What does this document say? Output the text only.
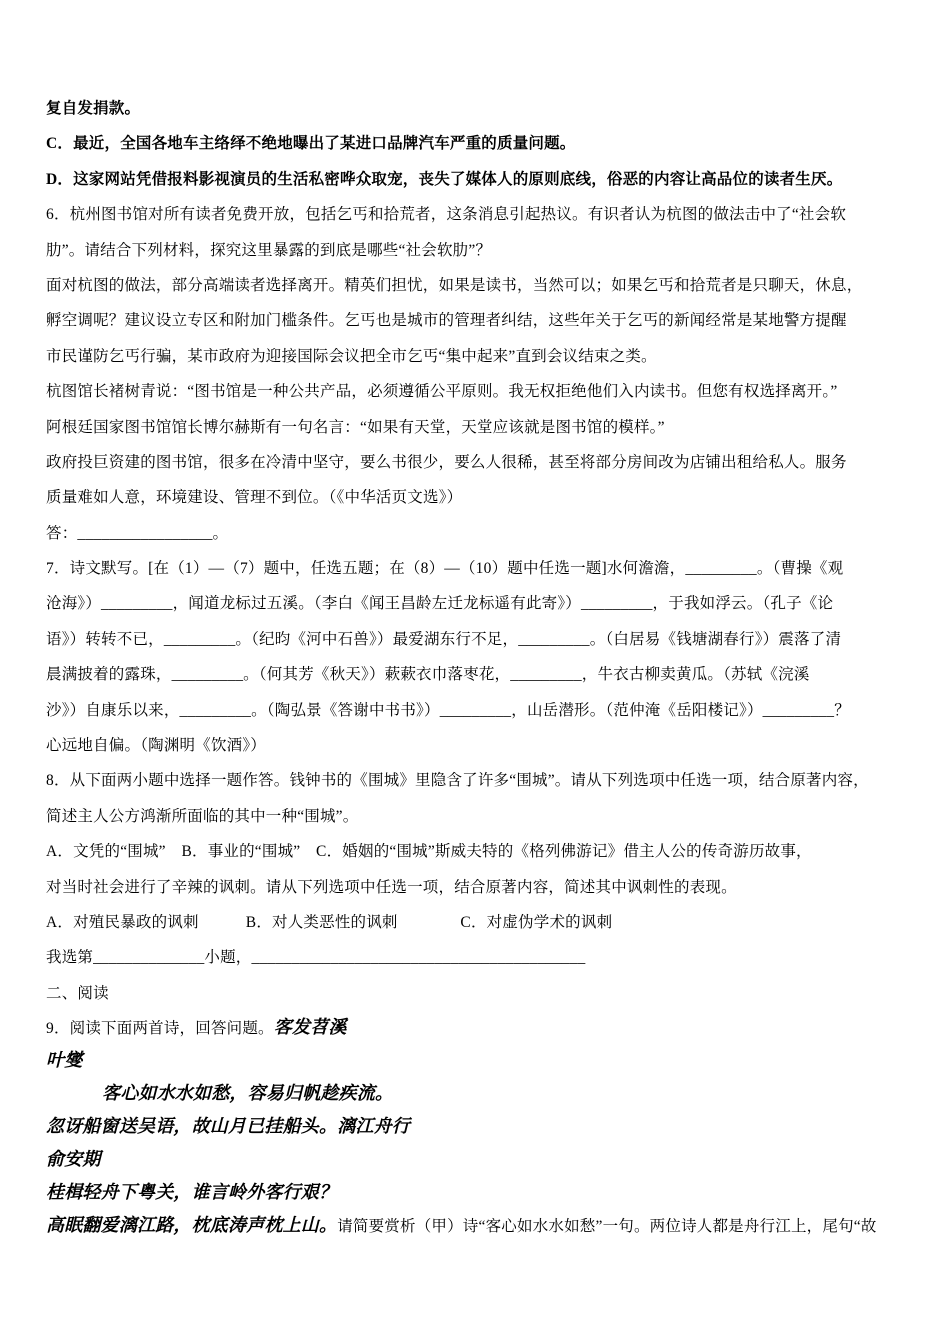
复自发捐款。
C．最近，全国各地车主络绎不绝地曝出了某进口品牌汽车严重的质量问题。
D．这家网站凭借报料影视演员的生活私密哗众取宠，丧失了媒体人的原则底线，俗恶的内容让高品位的读者生厌。
6．杭州图书馆对所有读者免费开放，包括乞丐和拾荒者，这条消息引起热议。有识者认为杭图的做法击中了“社会软
肋”。请结合下列材料，探究这里暴露的到底是哪些“社会软肋”？
面对杭图的做法，部分高端读者选择离开。精英们担忧，如果是读书，当然可以；如果乞丐和拾荒者是只聊天，休息，
孵空调呢？建议设立专区和附加门槛条件。乞丐也是城市的管理者纠结，这些年关于乞丐的新闻经常是某地警方提醒
市民谨防乞丐行骗，某市政府为迎接国际会议把全市乞丐“集中起来”直到会议结束之类。
杭图馆长褚树青说：“图书馆是一种公共产品，必须遵循公平原则。我无权拒绝他们入内读书。但您有权选择离开。”
阿根廷国家图书馆馆长博尔赫斯有一句名言：“如果有天堂，天堂应该就是图书馆的模样。”
政府投巨资建的图书馆，很多在冷清中坚守，要么书很少，要么人很稀，甚至将部分房间改为店铺出租给私人。服务
质量难如人意，环境建设、管理不到位。（《中华活页文选》）
答：_________________。
7．诗文默写。[在（1）—（7）题中，任选五题；在（8）—（10）题中任选一题]水何澹澹，_________。（曹操《观
沧海》）_________，闻道龙标过五溪。（李白《闻王昌龄左迁龙标遥有此寄》）_________，于我如浮云。（孔子《论
语》）转转不已，_________。（纪昀《河中石兽》）最爱湖东行不足，_________。（白居易《钱塘湖春行》）震落了清
晨满披着的露珠，_________。（何其芳《秋天》）蔌蔌衣巾落枣花，_________，牛衣古柳卖黄瓜。（苏轼《浣溪
沙》）自康乐以来，_________。（陶弘景《答谢中书书》）_________，山岳潜形。（范仲淹《岳阳楼记》）_________？
心远地自偏。（陶渊明《饮酒》）
8．从下面两小题中选择一题作答。钱钟书的《围城》里隐含了许多“围城”。请从下列选项中任选一项，结合原著内容，
简述主人公方鸿渐所面临的其中一种“围城”。
A．文凭的“围城”　B．事业的“围城”　C．婚姻的“围城”斯威夫特的《格列佛游记》借主人公的传奇游历故事，
对当时社会进行了辛辣的讽刺。请从下列选项中任选一项，结合原著内容，简述其中讽刺性的表现。
A．对殖民暴政的讽刺　　　B．对人类恶性的讽刺　　　　C．对虚伪学术的讽刺
我选第______________小题，__________________________________________
二、阅读
9．阅读下面两首诗，回答问题。客发苕溪
叶燮
客心如水水如愁，容易归帆趁疾流。
忽讶船窗送吴语，故山月已挂船头。漓江舟行
俞安期
桂楫轻舟下粤关，谁言岭外客行艰？
高眠翻爱漓江路，枕底涛声枕上山。请简要赏析（甲）诗“客心如水水如愁”一句。两位诗人都是舟行江上，尾句“故
